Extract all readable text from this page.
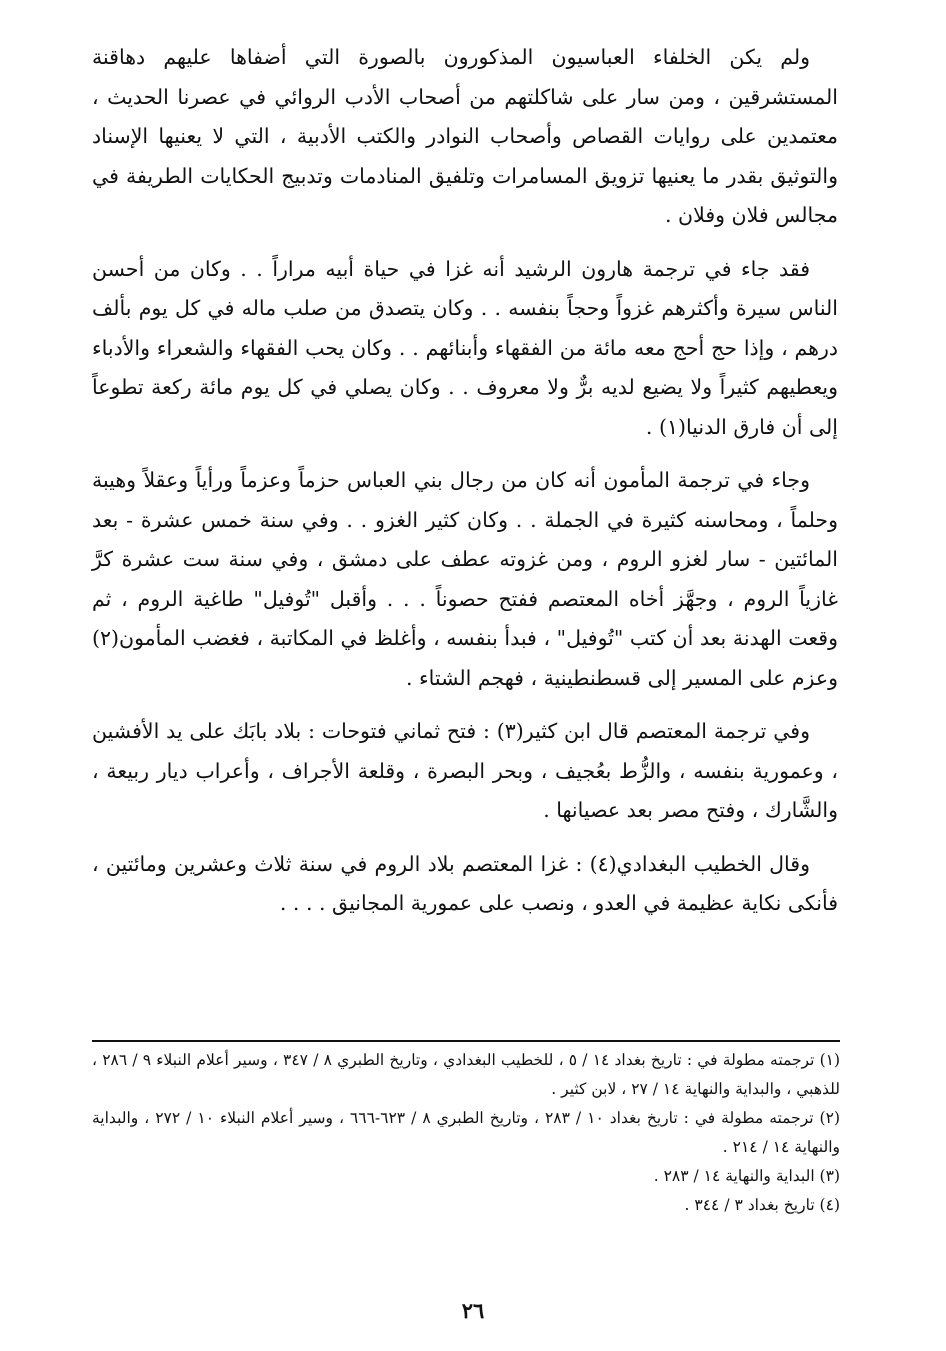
ولم يكن الخلفاء العباسيون المذكورون بالصورة التي أضفاها عليهم دهاقنة المستشرقين ، ومن سار على شاكلتهم من أصحاب الأدب الروائي في عصرنا الحديث ، معتمدين على روايات القصاص وأصحاب النوادر والكتب الأدبية ، التي لا يعنيها الإسناد والتوثيق بقدر ما يعنيها تزويق المسامرات وتلفيق المنادمات وتدبيج الحكايات الطريفة في مجالس فلان وفلان .

فقد جاء في ترجمة هارون الرشيد أنه غزا في حياة أبيه مراراً . . وكان من أحسن الناس سيرة وأكثرهم غزواً وحجاً بنفسه . . وكان يتصدق من صلب ماله في كل يوم بألف درهم ، وإذا حج أحج معه مائة من الفقهاء وأبنائهم . . وكان يحب الفقهاء والشعراء والأدباء ويعطيهم كثيراً ولا يضيع لديه برٌّ ولا معروف . . وكان يصلي في كل يوم مائة ركعة تطوعاً إلى أن فارق الدنيا(١) .

وجاء في ترجمة المأمون أنه كان من رجال بني العباس حزماً وعزماً ورأياً وعقلاً وهيبة وحلماً ، ومحاسنه كثيرة في الجملة . . وكان كثير الغزو . . وفي سنة خمس عشرة - بعد المائتين - سار لغزو الروم ، ومن غزوته عطف على دمشق ، وفي سنة ست عشرة كرَّ غازياً الروم ، وجهَّز أخاه المعتصم ففتح حصوناً . . . وأقبل "تُوفيل" طاغية الروم ، ثم وقعت الهدنة بعد أن كتب "تُوفيل" ، فبدأ بنفسه ، وأغلظ في المكاتبة ، فغضب المأمون(٢) وعزم على المسير إلى قسطنطينية ، فهجم الشتاء .

وفي ترجمة المعتصم قال ابن كثير(٣) : فتح ثماني فتوحات : بلاد بابَك على يد الأفشين ، وعمورية بنفسه ، والزُّط بعُجيف ، وبحر البصرة ، وقلعة الأجراف ، وأعراب ديار ربيعة ، والشَّارك ، وفتح مصر بعد عصيانها .

وقال الخطيب البغدادي(٤) : غزا المعتصم بلاد الروم في سنة ثلاث وعشرين ومائتين ، فأنكى نكاية عظيمة في العدو ، ونصب على عمورية المجانيق . . . .

(١) ترجمته مطولة في : تاريخ بغداد ١٤ / ٥ ، للخطيب البغدادي ، وتاريخ الطبري ٨ / ٣٤٧ ، وسير أعلام النبلاء ٩ / ٢٨٦ ، للذهبي ، والبداية والنهاية ١٤ / ٢٧ ، لابن كثير .

(٢) ترجمته مطولة في : تاريخ بغداد ١٠ / ٢٨٣ ، وتاريخ الطبري ٨ / ٦٢٣-٦٦٦ ، وسير أعلام النبلاء ١٠ / ٢٧٢ ، والبداية والنهاية ١٤ / ٢١٤ .

(٣) البداية والنهاية ١٤ / ٢٨٣ .

(٤) تاريخ بغداد ٣ / ٣٤٤ .

٢٦
